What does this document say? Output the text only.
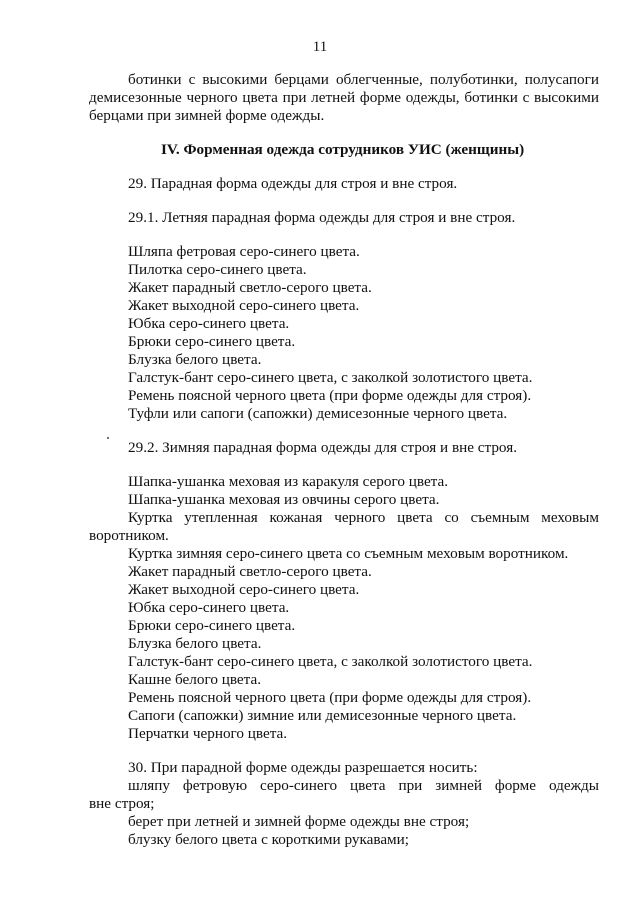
11
ботинки с высокими берцами облегченные, полуботинки, полусапоги
демисезонные черного цвета при летней форме одежды, ботинки с высокими
берцами при зимней форме одежды.
IV. Форменная одежда сотрудников УИС (женщины)
29. Парадная форма одежды для строя и вне строя.
29.1. Летняя парадная форма одежды для строя и вне строя.
Шляпа фетровая серо-синего цвета.
Пилотка серо-синего цвета.
Жакет парадный светло-серого цвета.
Жакет выходной серо-синего цвета.
Юбка серо-синего цвета.
Брюки серо-синего цвета.
Блузка белого цвета.
Галстук-бант серо-синего цвета, с заколкой золотистого цвета.
Ремень поясной черного цвета (при форме одежды для строя).
Туфли или сапоги (сапожки) демисезонные черного цвета.
29.2. Зимняя парадная форма одежды для строя и вне строя.
Шапка-ушанка меховая из каракуля серого цвета.
Шапка-ушанка меховая из овчины серого цвета.
Куртка утепленная кожаная черного цвета со съемным меховым
воротником.
Куртка зимняя серо-синего цвета со съемным меховым воротником.
Жакет парадный светло-серого цвета.
Жакет выходной серо-синего цвета.
Юбка серо-синего цвета.
Брюки серо-синего цвета.
Блузка белого цвета.
Галстук-бант серо-синего цвета, с заколкой золотистого цвета.
Кашне белого цвета.
Ремень поясной черного цвета (при форме одежды для строя).
Сапоги (сапожки) зимние или демисезонные черного цвета.
Перчатки черного цвета.
30. При парадной форме одежды разрешается носить:
шляпу фетровую серо-синего цвета при зимней форме одежды
вне строя;
берет при летней и зимней форме одежды вне строя;
блузку белого цвета с короткими рукавами;
